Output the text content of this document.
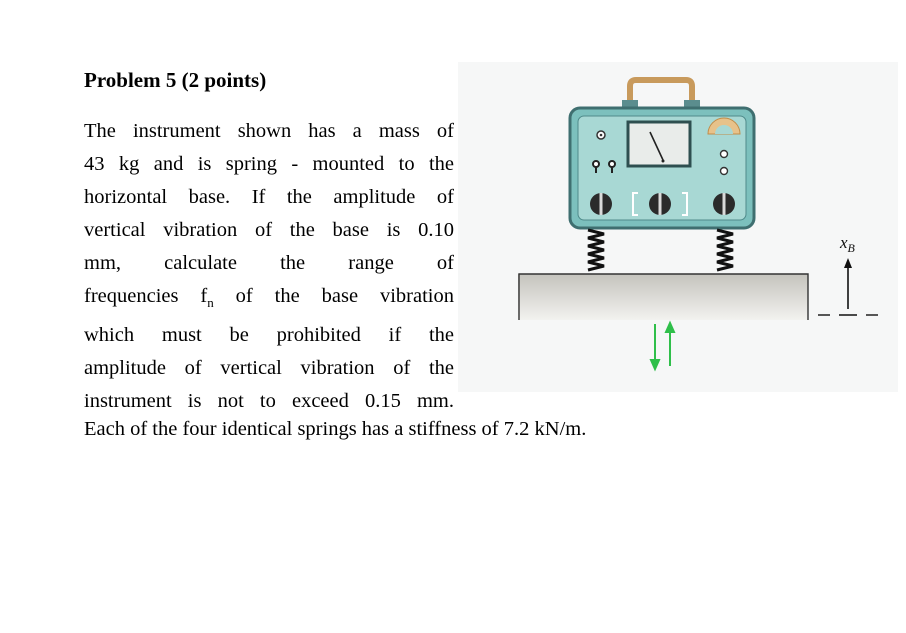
Problem 5 (2 points)
The instrument shown has a mass of
43 kg and is spring - mounted to the
horizontal base. If the amplitude of
vertical vibration of the base is 0.10
mm, calculate the range of
frequencies $f_n$ of the base vibration
which must be prohibited if the
amplitude of vertical vibration of the
instrument is not to exceed 0.15 mm.
Each of the four identical springs has a stiffness of 7.2 kN/m.
$x_B$
